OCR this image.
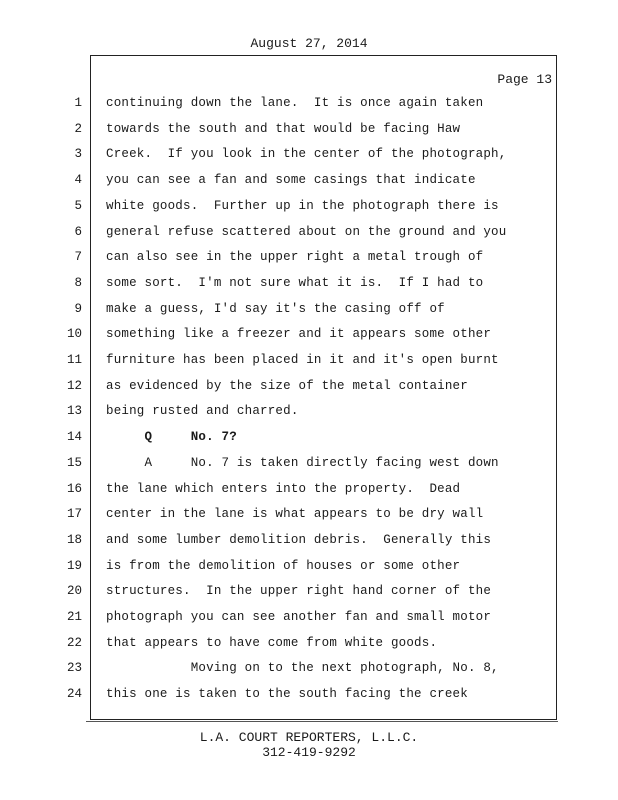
August 27, 2014
Page 13
1 continuing down the lane.  It is once again taken
2 towards the south and that would be facing Haw
3 Creek.  If you look in the center of the photograph,
4 you can see a fan and some casings that indicate
5 white goods.  Further up in the photograph there is
6 general refuse scattered about on the ground and you
7 can also see in the upper right a metal trough of
8 some sort.  I'm not sure what it is.  If I had to
9 make a guess, I'd say it's the casing off of
10 something like a freezer and it appears some other
11 furniture has been placed in it and it's open burnt
12 as evidenced by the size of the metal container
13 being rusted and charred.
14 Q     No. 7?
15 A     No. 7 is taken directly facing west down
16 the lane which enters into the property.  Dead
17 center in the lane is what appears to be dry wall
18 and some lumber demolition debris.  Generally this
19 is from the demolition of houses or some other
20 structures.  In the upper right hand corner of the
21 photograph you can see another fan and small motor
22 that appears to have come from white goods.
23 Moving on to the next photograph, No. 8,
24 this one is taken to the south facing the creek
L.A. COURT REPORTERS, L.L.C.
312-419-9292
